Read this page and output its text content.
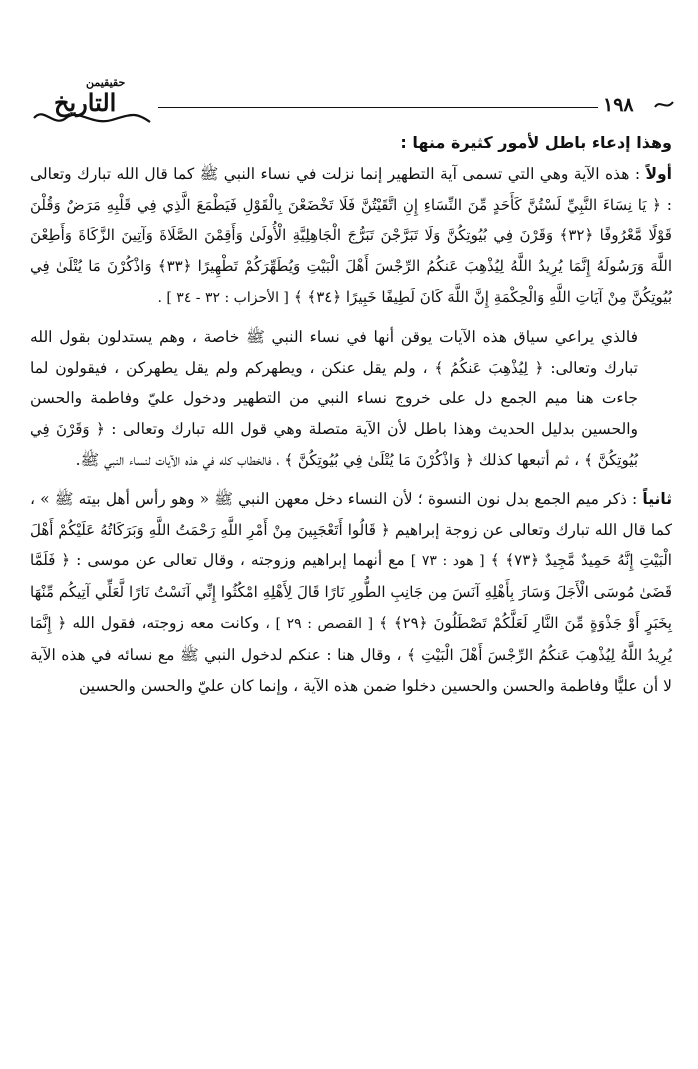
حقيقيمن
التاريخ	١٩٨

وهذا إدعاء باطل لأمور كثيرة منها :

أولاً : هذه الآية وهي التي تسمى آية التطهير إنما نزلت في نساء النبي ﷺ كما قال الله تبارك وتعالى : ﴿ يَا نِسَاءَ النَّبِيِّ لَسْتُنَّ كَأَحَدٍ مِّنَ النِّسَاءِ إِنِ اتَّقَيْتُنَّ فَلَا تَخْضَعْنَ بِالْقَوْلِ فَيَطْمَعَ الَّذِي فِي قَلْبِهِ مَرَضٌ وَقُلْنَ قَوْلًا مَّعْرُوفًا ﴿٣٢﴾ وَقَرْنَ فِي بُيُوتِكُنَّ وَلَا تَبَرَّجْنَ تَبَرُّجَ الْجَاهِلِيَّةِ الْأُولَىٰ وَأَقِمْنَ الصَّلَاةَ وَآتِينَ الزَّكَاةَ وَأَطِعْنَ اللَّهَ وَرَسُولَهُ إِنَّمَا يُرِيدُ اللَّهُ لِيُذْهِبَ عَنكُمُ الرِّجْسَ أَهْلَ الْبَيْتِ وَيُطَهِّرَكُمْ تَطْهِيرًا ﴿٣٣﴾ وَاذْكُرْنَ مَا يُتْلَىٰ فِي بُيُوتِكُنَّ مِنْ آيَاتِ اللَّهِ وَالْحِكْمَةِ إِنَّ اللَّهَ كَانَ لَطِيفًا خَبِيرًا ﴿٣٤﴾ ﴾ [ الأحزاب : ٣٢ - ٣٤ ] .

فالذي يراعي سياق هذه الآيات يوقن أنها في نساء النبي ﷺ خاصة ، وهم يستدلون بقول الله تبارك وتعالى: ﴿ لِيُذْهِبَ عَنكُمُ ﴾ ، ولم يقل عنكن ، ويطهركم ولم يقل يطهركن ، فيقولون لما جاءت هنا ميم الجمع دل على خروج نساء النبي من التطهير ودخول عليّ وفاطمة والحسن والحسين بدليل الحديث وهذا باطل لأن الآية متصلة وهي قول الله تبارك وتعالى : ﴿ وَقَرْنَ فِي بُيُوتِكُنَّ ﴾ ، ثم أتبعها كذلك ﴿ وَاذْكُرْنَ مَا يُتْلَىٰ فِي بُيُوتِكُنَّ ﴾ ، فالخطاب كله في هذه الآيات لنساء النبي ﷺ.

ثانياً : ذكر ميم الجمع بدل نون النسوة ؛ لأن النساء دخل معهن النبي ﷺ « وهو رأس أهل بيته ﷺ » ، كما قال الله تبارك وتعالى عن زوجة إبراهيم ﴿ قَالُوا أَتَعْجَبِينَ مِنْ أَمْرِ اللَّهِ رَحْمَتُ اللَّهِ وَبَرَكَاتُهُ عَلَيْكُمْ أَهْلَ الْبَيْتِ إِنَّهُ حَمِيدٌ مَّجِيدٌ ﴿٧٣﴾ ﴾ [ هود : ٧٣ ] مع أنهما إبراهيم وزوجته ، وقال تعالى عن موسى : ﴿ فَلَمَّا قَضَىٰ مُوسَى الْأَجَلَ وَسَارَ بِأَهْلِهِ آنَسَ مِن جَانِبِ الطُّورِ نَارًا قَالَ لِأَهْلِهِ امْكُثُوا إِنِّي آنَسْتُ نَارًا لَّعَلِّي آتِيكُم مِّنْهَا بِخَبَرٍ أَوْ جَذْوَةٍ مِّنَ النَّارِ لَعَلَّكُمْ تَصْطَلُونَ ﴿٢٩﴾ ﴾ [ القصص : ٢٩ ] ، وكانت معه زوجته، فقول الله ﴿ إِنَّمَا يُرِيدُ اللَّهُ لِيُذْهِبَ عَنكُمُ الرِّجْسَ أَهْلَ الْبَيْتِ ﴾ ، وقال هنا : عنكم لدخول النبي ﷺ مع نسائه في هذه الآية لا أن عليًّا وفاطمة والحسن والحسين دخلوا ضمن هذه الآية ، وإنما كان عليّ والحسن والحسين
